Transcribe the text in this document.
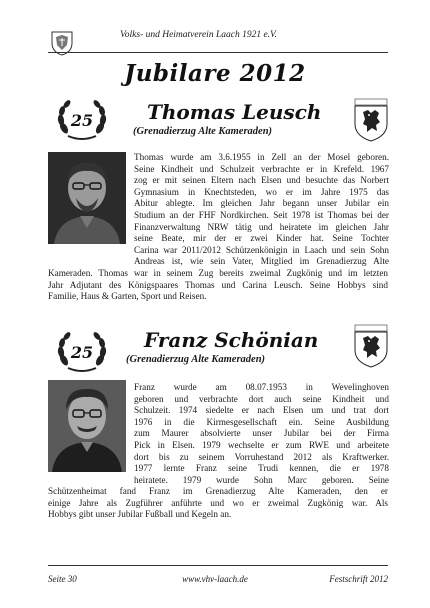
Volks- und Heimatverein Laach 1921 e.V.
Jubilare 2012
25	Thomas Leusch
(Grenadierzug Alte Kameraden)
Thomas wurde am 3.6.1955 in Zell an der Mosel geboren.
Seine Kindheit und Schulzeit verbrachte er in Krefeld. 1967
zog er mit seinen Eltern nach Elsen und besuchte das Norbert
Gymnasium in Knechtsteden, wo er im Jahre 1975 das
Abitur ablegte. Im gleichen Jahr begann unser Jubilar ein
Studium an der FHF Nordkirchen. Seit 1978 ist Thomas bei der
Finanzverwaltung NRW tätig und heiratete im gleichen Jahr
seine Beate, mir der er zwei Kinder hat. Seine Tochter
Carina war 2011/2012 Schützenkönigin in Laach und sein Sohn
Andreas ist, wie sein Vater, Mitglied im Grenadierzug Alte
Kameraden. Thomas war in seinem Zug bereits zweimal Zugkönig und im letzten
Jahr Adjutant des Königspaares Thomas und Carina Leusch. Seine Hobbys sind
Familie, Haus & Garten, Sport und Reisen.
25
Franz Schönian
(Grenadierzug Alte Kameraden)
Franz wurde am 08.07.1953 in Wevelinghoven
geboren und verbrachte dort auch seine Kindheit und
Schulzeit. 1974 siedelte er nach Elsen um und trat dort
1976 in die Kirmesgesellschaft ein. Seine Ausbildung
zum Maurer absolvierte unser Jubilar bei der Firma
Pick in Elsen. 1979 wechselte er zum RWE und arbeitete
dort bis zu seinem Vorruhestand 2012 als Kraftwerker.
1977 lernte Franz seine Trudi kennen, die er 1978
heiratete. 1979 wurde Sohn Marc geboren. Seine
Schützenheimat fand Franz im Grenadierzug Alte Kameraden, den er
einige Jahre als Zugführer anführte und wo er zweimal Zugkönig war. Als
Hobbys gibt unser Jubilar Fußball und Kegeln an.
Seite 30	www.vhv-laach.de	Festschrift 2012
